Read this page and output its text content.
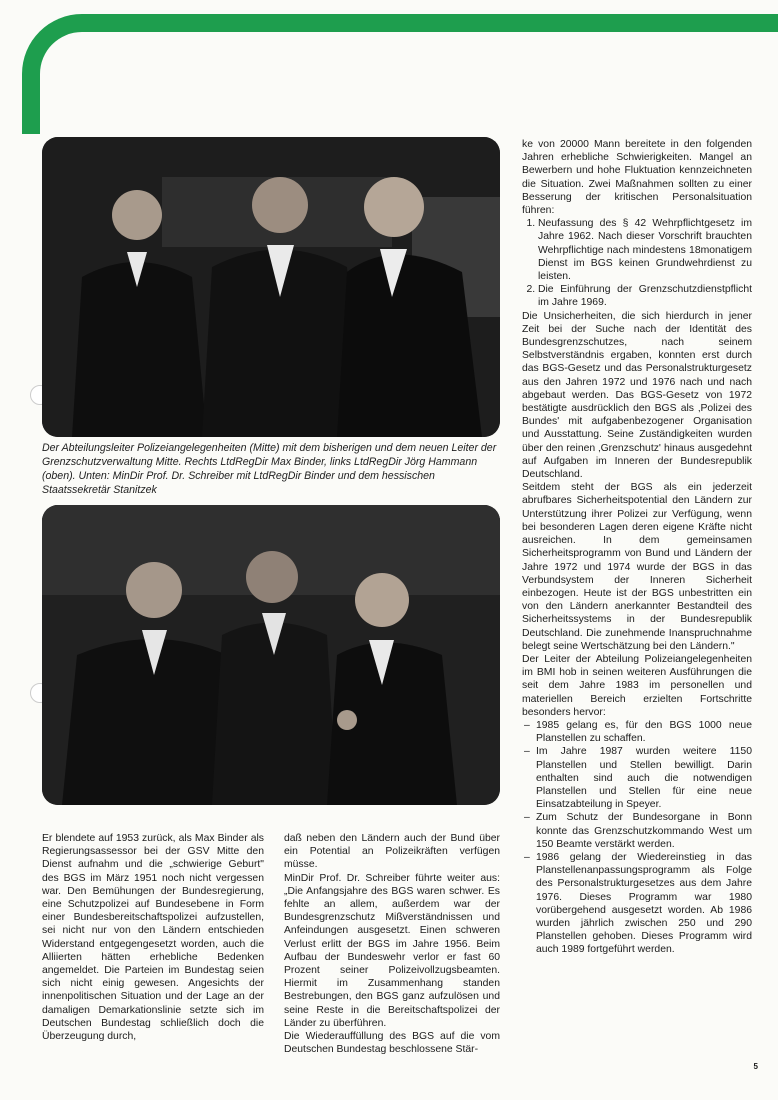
Der Abteilungsleiter Polizeiangelegenheiten (Mitte) mit dem bisherigen und dem neuen Leiter der Grenzschutzverwaltung Mitte. Rechts LtdRegDir Max Binder, links LtdRegDir Jörg Hammann (oben). Unten: MinDir Prof. Dr. Schreiber mit LtdRegDir Binder und dem hessischen Staatssekretär Stanitzek

ke von 20000 Mann bereitete in den folgenden Jahren erhebliche Schwierigkeiten. Mangel an Bewerbern und hohe Fluktuation kennzeichneten die Situation. Zwei Maßnahmen sollten zu einer Besserung der kritischen Personalsituation führen:

1. Neufassung des § 42 Wehrpflichtgesetz im Jahre 1962. Nach dieser Vorschrift brauchten Wehrpflichtige nach mindestens 18monatigem Dienst im BGS keinen Grundwehrdienst zu leisten.
2. Die Einführung der Grenzschutzdienstpflicht im Jahre 1969.

Die Unsicherheiten, die sich hierdurch in jener Zeit bei der Suche nach der Identität des Bundesgrenzschutzes, nach seinem Selbstverständnis ergaben, konnten erst durch das BGS-Gesetz und das Personalstrukturgesetz aus den Jahren 1972 und 1976 nach und nach abgebaut werden. Das BGS-Gesetz von 1972 bestätigte ausdrücklich den BGS als ‚Polizei des Bundes' mit aufgabenbezogener Organisation und Ausstattung. Seine Zuständigkeiten wurden über den reinen ‚Grenzschutz' hinaus ausgedehnt auf Aufgaben im Inneren der Bundesrepublik Deutschland.

Seitdem steht der BGS als ein jederzeit abrufbares Sicherheitspotential den Ländern zur Unterstützung ihrer Polizei zur Verfügung, wenn bei besonderen Lagen deren eigene Kräfte nicht ausreichen. In dem gemeinsamen Sicherheitsprogramm von Bund und Ländern der Jahre 1972 und 1974 wurde der BGS in das Verbundsystem der Inneren Sicherheit einbezogen. Heute ist der BGS unbestritten ein von den Ländern anerkannter Bestandteil des Sicherheitssystems in der Bundesrepublik Deutschland. Die zunehmende Inanspruchnahme belegt seine Wertschätzung bei den Ländern."

Der Leiter der Abteilung Polizeiangelegenheiten im BMI hob in seinen weiteren Ausführungen die seit dem Jahre 1983 im personellen und materiellen Bereich erzielten Fortschritte besonders hervor:

– 1985 gelang es, für den BGS 1000 neue Planstellen zu schaffen.
– Im Jahre 1987 wurden weitere 1150 Planstellen und Stellen bewilligt. Darin enthalten sind auch die notwendigen Planstellen und Stellen für eine neue Einsatzabteilung in Speyer.
– Zum Schutz der Bundesorgane in Bonn konnte das Grenzschutzkommando West um 150 Beamte verstärkt werden.
– 1986 gelang der Wiedereinstieg in das Planstellenanpassungsprogramm als Folge des Personalstrukturgesetzes aus dem Jahre 1976. Dieses Programm war 1980 vorübergehend ausgesetzt worden. Ab 1986 wurden jährlich zwischen 250 und 290 Planstellen gehoben. Dieses Programm wird auch 1989 fortgeführt werden.

Er blendete auf 1953 zurück, als Max Binder als Regierungsassessor bei der GSV Mitte den Dienst aufnahm und die „schwierige Geburt" des BGS im März 1951 noch nicht vergessen war. Den Bemühungen der Bundesregierung, eine Schutzpolizei auf Bundesebene in Form einer Bundesbereitschaftspolizei aufzustellen, sei nicht nur von den Ländern entschieden Widerstand entgegengesetzt worden, auch die Alliierten hätten erhebliche Bedenken angemeldet. Die Parteien im Bundestag seien sich nicht einig gewesen. Angesichts der innenpolitischen Situation und der Lage an der damaligen Demarkationslinie setzte sich im Deutschen Bundestag schließlich doch die Überzeugung durch,

daß neben den Ländern auch der Bund über ein Potential an Polizeikräften verfügen müsse.

MinDir Prof. Dr. Schreiber führte weiter aus: „Die Anfangsjahre des BGS waren schwer. Es fehlte an allem, außerdem war der Bundesgrenzschutz Mißverständnissen und Anfeindungen ausgesetzt. Einen schweren Verlust erlitt der BGS im Jahre 1956. Beim Aufbau der Bundeswehr verlor er fast 60 Prozent seiner Polizeivollzugsbeamten. Hiermit im Zusammenhang standen Bestrebungen, den BGS ganz aufzulösen und seine Reste in die Bereitschaftspolizei der Länder zu überführen.

Die Wiederauffüllung des BGS auf die vom Deutschen Bundestag beschlossene Stär-

5
